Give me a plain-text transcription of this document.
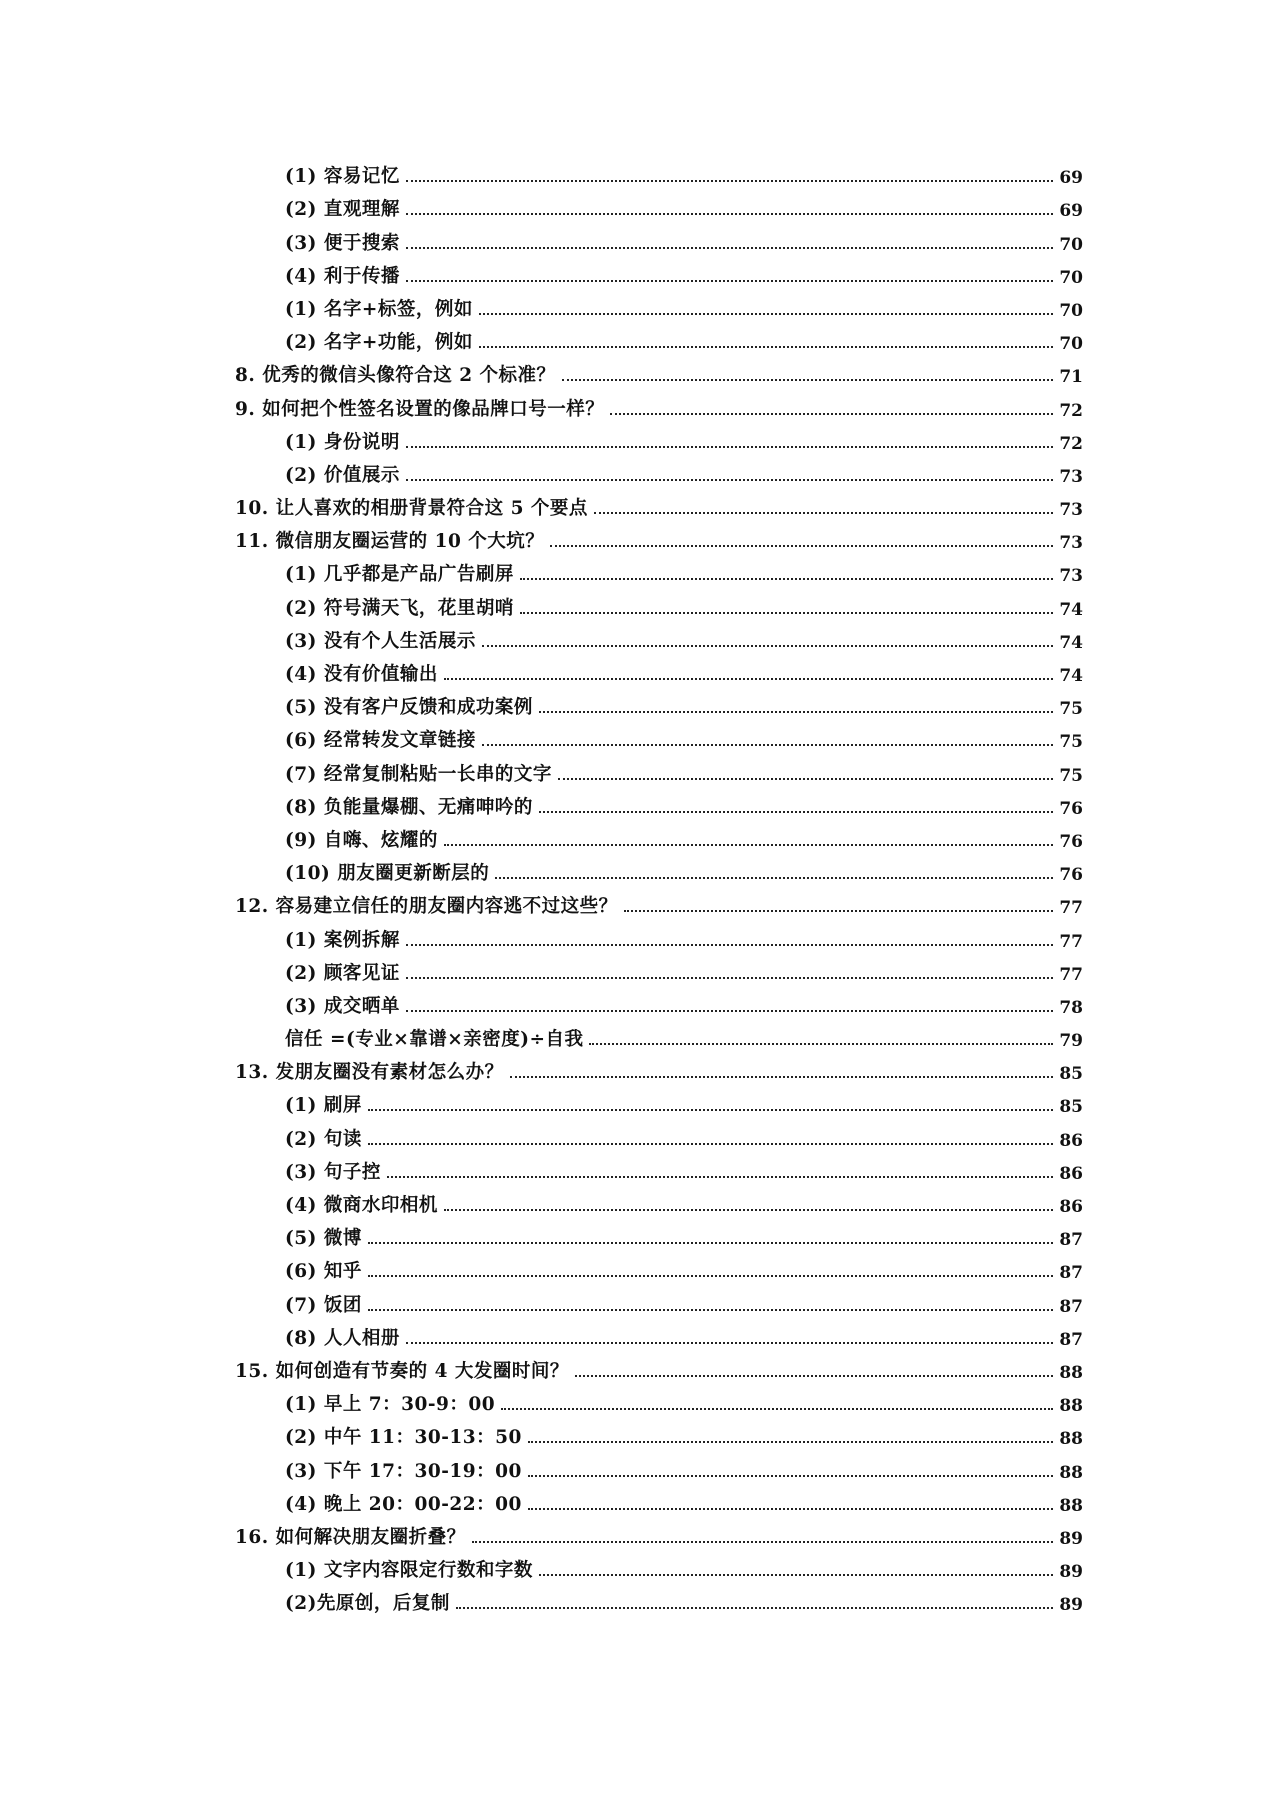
(1) 容易记忆	69
(2) 直观理解	69
(3) 便于搜索	70
(4) 利于传播	70
(1) 名字+标签，例如	70
(2) 名字+功能，例如	70
8. 优秀的微信头像符合这 2 个标准？	71
9. 如何把个性签名设置的像品牌口号一样？	72
(1) 身份说明	72
(2) 价值展示	73
10. 让人喜欢的相册背景符合这 5 个要点	73
11. 微信朋友圈运营的 10 个大坑？	73
(1) 几乎都是产品广告刷屏	73
(2) 符号满天飞，花里胡哨	74
(3) 没有个人生活展示	74
(4) 没有价值输出	74
(5) 没有客户反馈和成功案例	75
(6) 经常转发文章链接	75
(7) 经常复制粘贴一长串的文字	75
(8) 负能量爆棚、无痛呻吟的	76
(9) 自嗨、炫耀的	76
(10) 朋友圈更新断层的	76
12. 容易建立信任的朋友圈内容逃不过这些？	77
(1) 案例拆解	77
(2) 顾客见证	77
(3) 成交晒单	78
信任 =(专业×靠谱×亲密度)÷自我	79
13. 发朋友圈没有素材怎么办？	85
(1) 刷屏	85
(2) 句读	86
(3) 句子控	86
(4) 微商水印相机	86
(5) 微博	87
(6) 知乎	87
(7) 饭团	87
(8) 人人相册	87
15. 如何创造有节奏的 4 大发圈时间？	88
(1) 早上 7：30-9：00	88
(2) 中午 11：30-13：50	88
(3) 下午 17：30-19：00	88
(4) 晚上 20：00-22：00	88
16. 如何解决朋友圈折叠？	89
(1) 文字内容限定行数和字数	89
(2)先原创，后复制	89
